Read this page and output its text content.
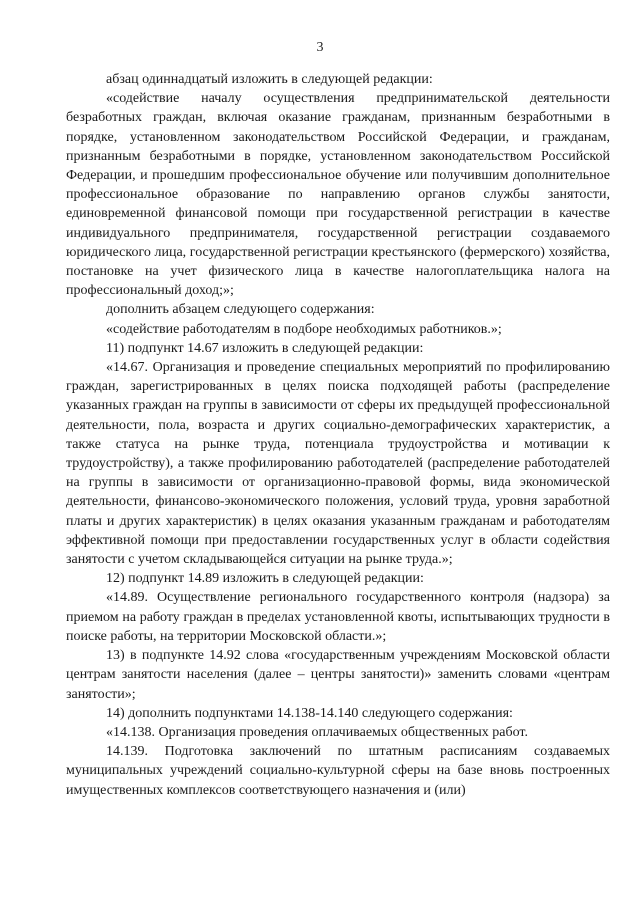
3

абзац одиннадцатый изложить в следующей редакции:

«содействие началу осуществления предпринимательской деятельности безработных граждан, включая оказание гражданам, признанным безработными в порядке, установленном законодательством Российской Федерации, и гражданам, признанным безработными в порядке, установленном законодательством Российской Федерации, и прошедшим профессиональное обучение или получившим дополнительное профессиональное образование по направлению органов службы занятости, единовременной финансовой помощи при государственной регистрации в качестве индивидуального предпринимателя, государственной регистрации создаваемого юридического лица, государственной регистрации крестьянского (фермерского) хозяйства, постановке на учет физического лица в качестве налогоплательщика налога на профессиональный доход;»;

дополнить абзацем следующего содержания:

«содействие работодателям в подборе необходимых работников.»;

11) подпункт 14.67 изложить в следующей редакции:

«14.67. Организация и проведение специальных мероприятий по профилированию граждан, зарегистрированных в целях поиска подходящей работы (распределение указанных граждан на группы в зависимости от сферы их предыдущей профессиональной деятельности, пола, возраста и других социально-демографических характеристик, а также статуса на рынке труда, потенциала трудоустройства и мотивации к трудоустройству), а также профилированию работодателей (распределение работодателей на группы в зависимости от организационно-правовой формы, вида экономической деятельности, финансово-экономического положения, условий труда, уровня заработной платы и других характеристик) в целях оказания указанным гражданам и работодателям эффективной помощи при предоставлении государственных услуг в области содействия занятости с учетом складывающейся ситуации на рынке труда.»;

12) подпункт 14.89 изложить в следующей редакции:

«14.89. Осуществление регионального государственного контроля (надзора) за приемом на работу граждан в пределах установленной квоты, испытывающих трудности в поиске работы, на территории Московской области.»;

13) в подпункте 14.92 слова «государственным учреждениям Московской области центрам занятости населения (далее – центры занятости)» заменить словами «центрам занятости»;

14) дополнить подпунктами 14.138-14.140 следующего содержания:

«14.138. Организация проведения оплачиваемых общественных работ.

14.139. Подготовка заключений по штатным расписаниям создаваемых муниципальных учреждений социально-культурной сферы на базе вновь построенных имущественных комплексов соответствующего назначения и (или)
